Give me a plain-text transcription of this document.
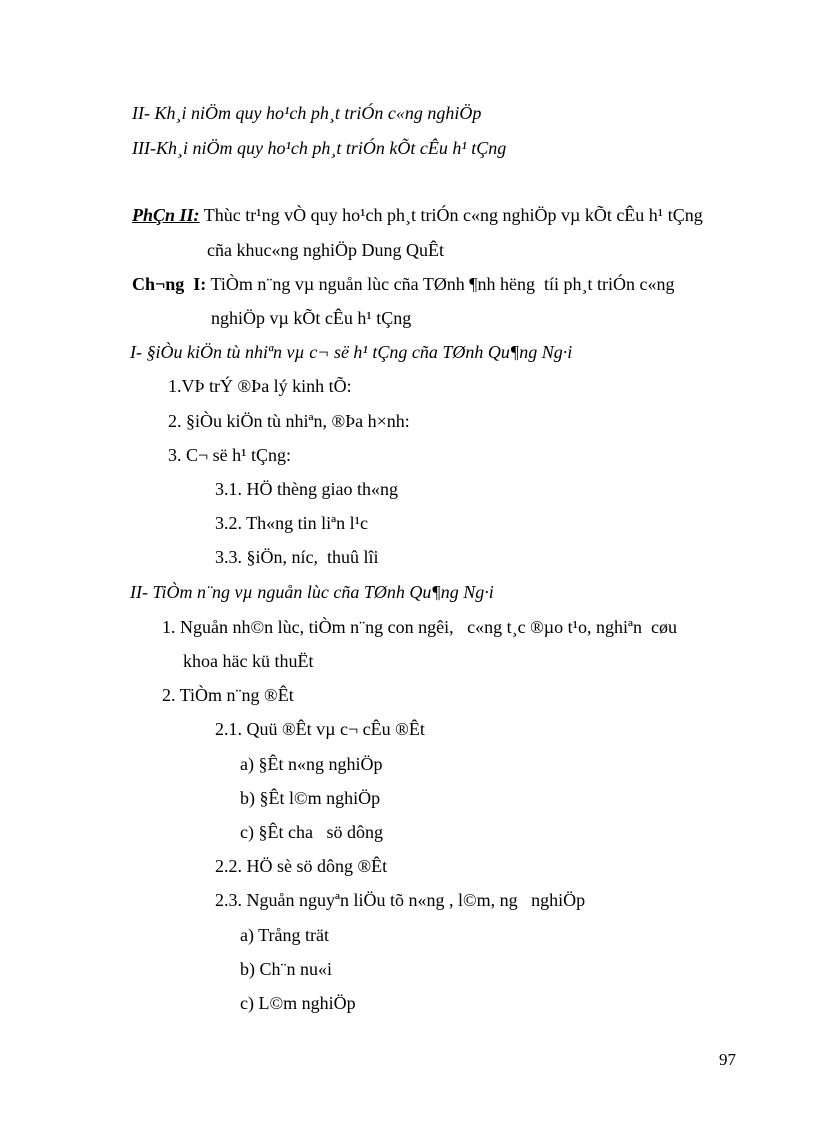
II- Kh¸i niÖm quy ho¹ch ph¸t triÓn c«ng nghiÖp
III-Kh¸i niÖm quy ho¹ch ph¸t triÓn kÕt cÊu h¹ tÇng
PhÇn II: Thùc tr¹ng vÒ quy ho¹ch ph¸t triÓn c«ng nghiÖp vµ kÕt cÊu h¹ tÇng
cña khuc«ng nghiÖp Dung QuÊt
Ch¬ng  I: TiÒm n¨ng vµ nguån lùc cña TØnh ¶nh hëng  tíi ph¸t triÓn c«ng
nghiÖp vµ kÕt cÊu h¹ tÇng
I- §iÒu kiÖn tù nhiªn vµ c¬ së h¹ tÇng cña TØnh Qu¶ng Ng·i
1.VÞ trÝ ®Þa lý kinh tÕ:
2. §iÒu kiÖn tù nhiªn, ®Þa h×nh:
3. C¬ së h¹ tÇng:
3.1. HÖ thèng giao th«ng
3.2. Th«ng tin liªn l¹c
3.3. §iÖn, níc,  thuû lîi
II- TiÒm n¨ng vµ nguån lùc cña TØnh Qu¶ng Ng·i
1. Nguån nh©n lùc, tiÒm n¨ng con ngêi,   c«ng t¸c ®µo t¹o, nghiªn  cøu
khoa häc kü thuËt
2. TiÒm n¨ng ®Êt
2.1. Quü ®Êt vµ c¬ cÊu ®Êt
a) §Êt n«ng nghiÖp
b) §Êt l©m nghiÖp
c) §Êt cha   sö dông
2.2. HÖ sè sö dông ®Êt
2.3. Nguån nguyªn liÖu tõ n«ng , l©m, ng   nghiÖp
a) Trång trät
b) Ch¨n nu«i
c) L©m nghiÖp
97
